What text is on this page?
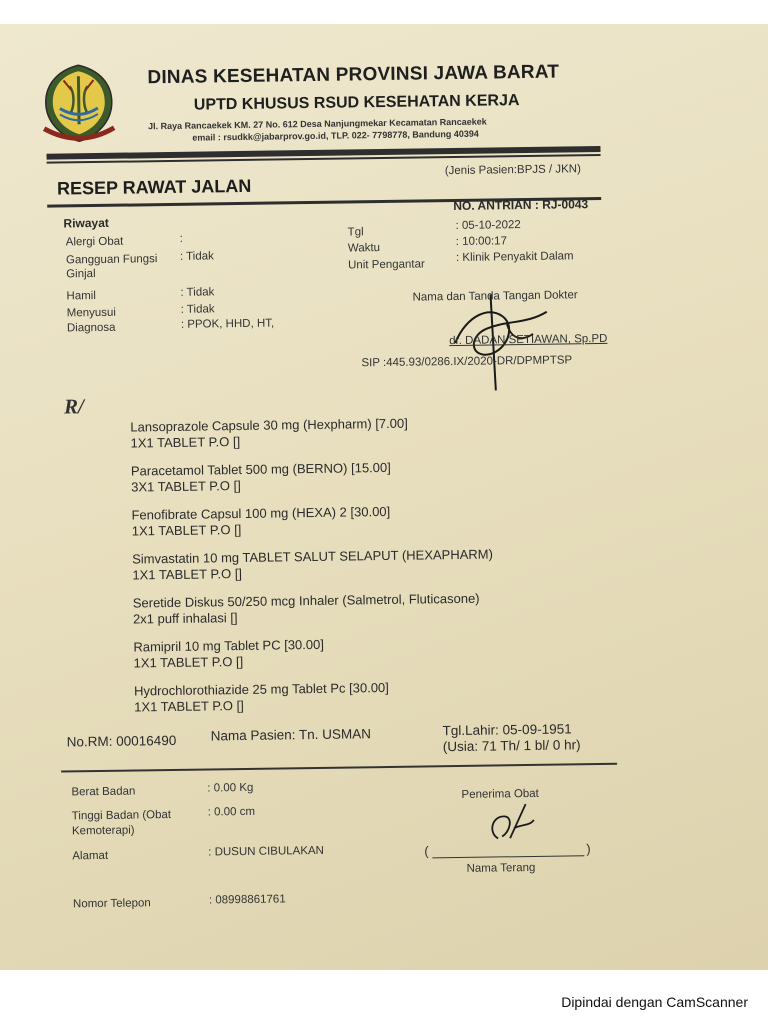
DINAS KESEHATAN PROVINSI JAWA BARAT
UPTD KHUSUS RSUD KESEHATAN KERJA
Jl. Raya Rancaekek KM. 27 No. 612 Desa Nanjungmekar Kecamatan Rancaekek
email : rsudkk@jabarprov.go.id, TLP. 022- 7798778, Bandung 40394
(Jenis Pasien:BPJS / JKN)
RESEP RAWAT JALAN
NO. ANTRIAN : RJ-0043
Riwayat
Alergi Obat	:
Gangguan Fungsi
Ginjal
: Tidak
Hamil	: Tidak
Menyusui	: Tidak
Diagnosa	: PPOK, HHD, HT,
Tgl
: 05-10-2022
Waktu
: 10:00:17
Unit Pengantar
: Klinik Penyakit Dalam
Nama dan Tanda Tangan Dokter
dr. DADAN SETIAWAN, Sp.PD
SIP :445.93/0286.IX/2020-DR/DPMPTSP
R/
Lansoprazole Capsule 30 mg (Hexpharm) [7.00]
1X1 TABLET P.O []
Paracetamol Tablet 500 mg (BERNO) [15.00]
3X1 TABLET P.O []
Fenofibrate Capsul 100 mg (HEXA) 2 [30.00]
1X1 TABLET P.O []
Simvastatin 10 mg TABLET SALUT SELAPUT (HEXAPHARM)
1X1 TABLET P.O []
Seretide Diskus 50/250 mcg Inhaler (Salmetrol, Fluticasone)
2x1 puff inhalasi []
Ramipril 10 mg Tablet PC [30.00]
1X1 TABLET P.O []
Hydrochlorothiazide 25 mg Tablet Pc [30.00]
1X1 TABLET P.O []
No.RM: 00016490	Nama Pasien: Tn. USMAN	Tgl.Lahir: 05-09-1951
(Usia: 71 Th/ 1 bl/ 0 hr)
Berat Badan	: 0.00 Kg
Tinggi Badan (Obat
Kemoterapi)
: 0.00 cm
Alamat	: DUSUN CIBULAKAN
Nomor Telepon	: 08998861761
Penerima Obat
(	)
Nama Terang
Dipindai dengan CamScanner
